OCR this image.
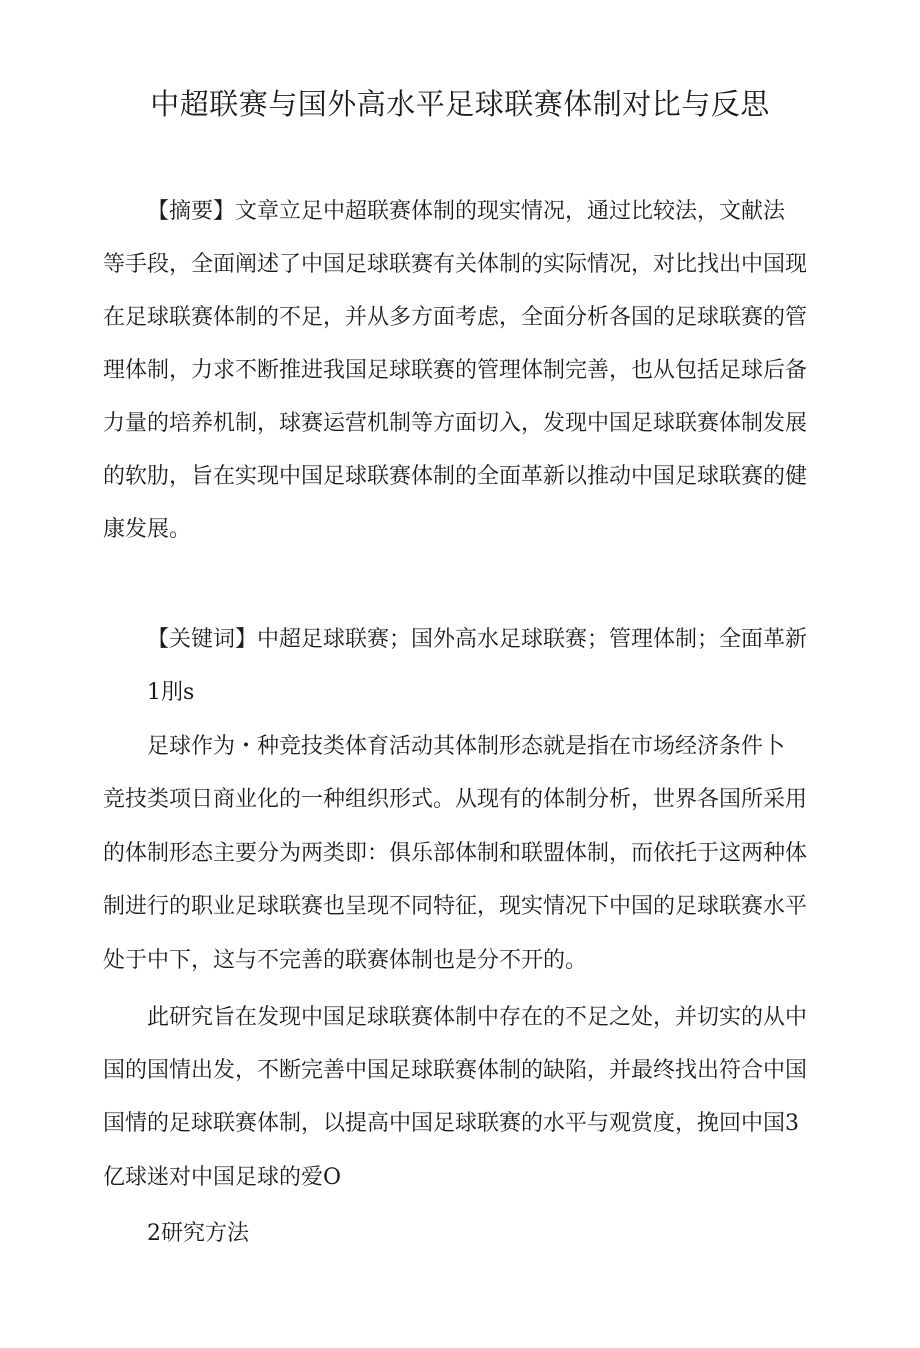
中超联赛与国外高水平足球联赛体制对比与反思
【摘要】文章立足中超联赛体制的现实情况，通过比较法，文献法
等手段，全面阐述了中国足球联赛有关体制的实际情况，对比找出中国现
在足球联赛体制的不足，并从多方面考虑，全面分析各国的足球联赛的管
理体制，力求不断推进我国足球联赛的管理体制完善，也从包括足球后备
力量的培养机制，球赛运营机制等方面切入，发现中国足球联赛体制发展
的软肋，旨在实现中国足球联赛体制的全面革新以推动中国足球联赛的健
康发展。
【关键词】中超足球联赛；国外高水足球联赛；管理体制；全面革新
1刖s
足球作为・种竞技类体育活动其体制形态就是指在市场经济条件卜
竞技类项日商业化的一种组织形式。从现有的体制分析，世界各国所采用
的体制形态主要分为两类即：俱乐部体制和联盟体制，而依托于这两种体
制进行的职业足球联赛也呈现不同特征，现实情况下中国的足球联赛水平
处于中下，这与不完善的联赛体制也是分不开的。
此研究旨在发现中国足球联赛体制中存在的不足之处，并切实的从中
国的国情出发，不断完善中国足球联赛体制的缺陷，并最终找出符合中国
国情的足球联赛体制，以提高中国足球联赛的水平与观赏度，挽回中国3
亿球迷对中国足球的爱O
2研究方法
